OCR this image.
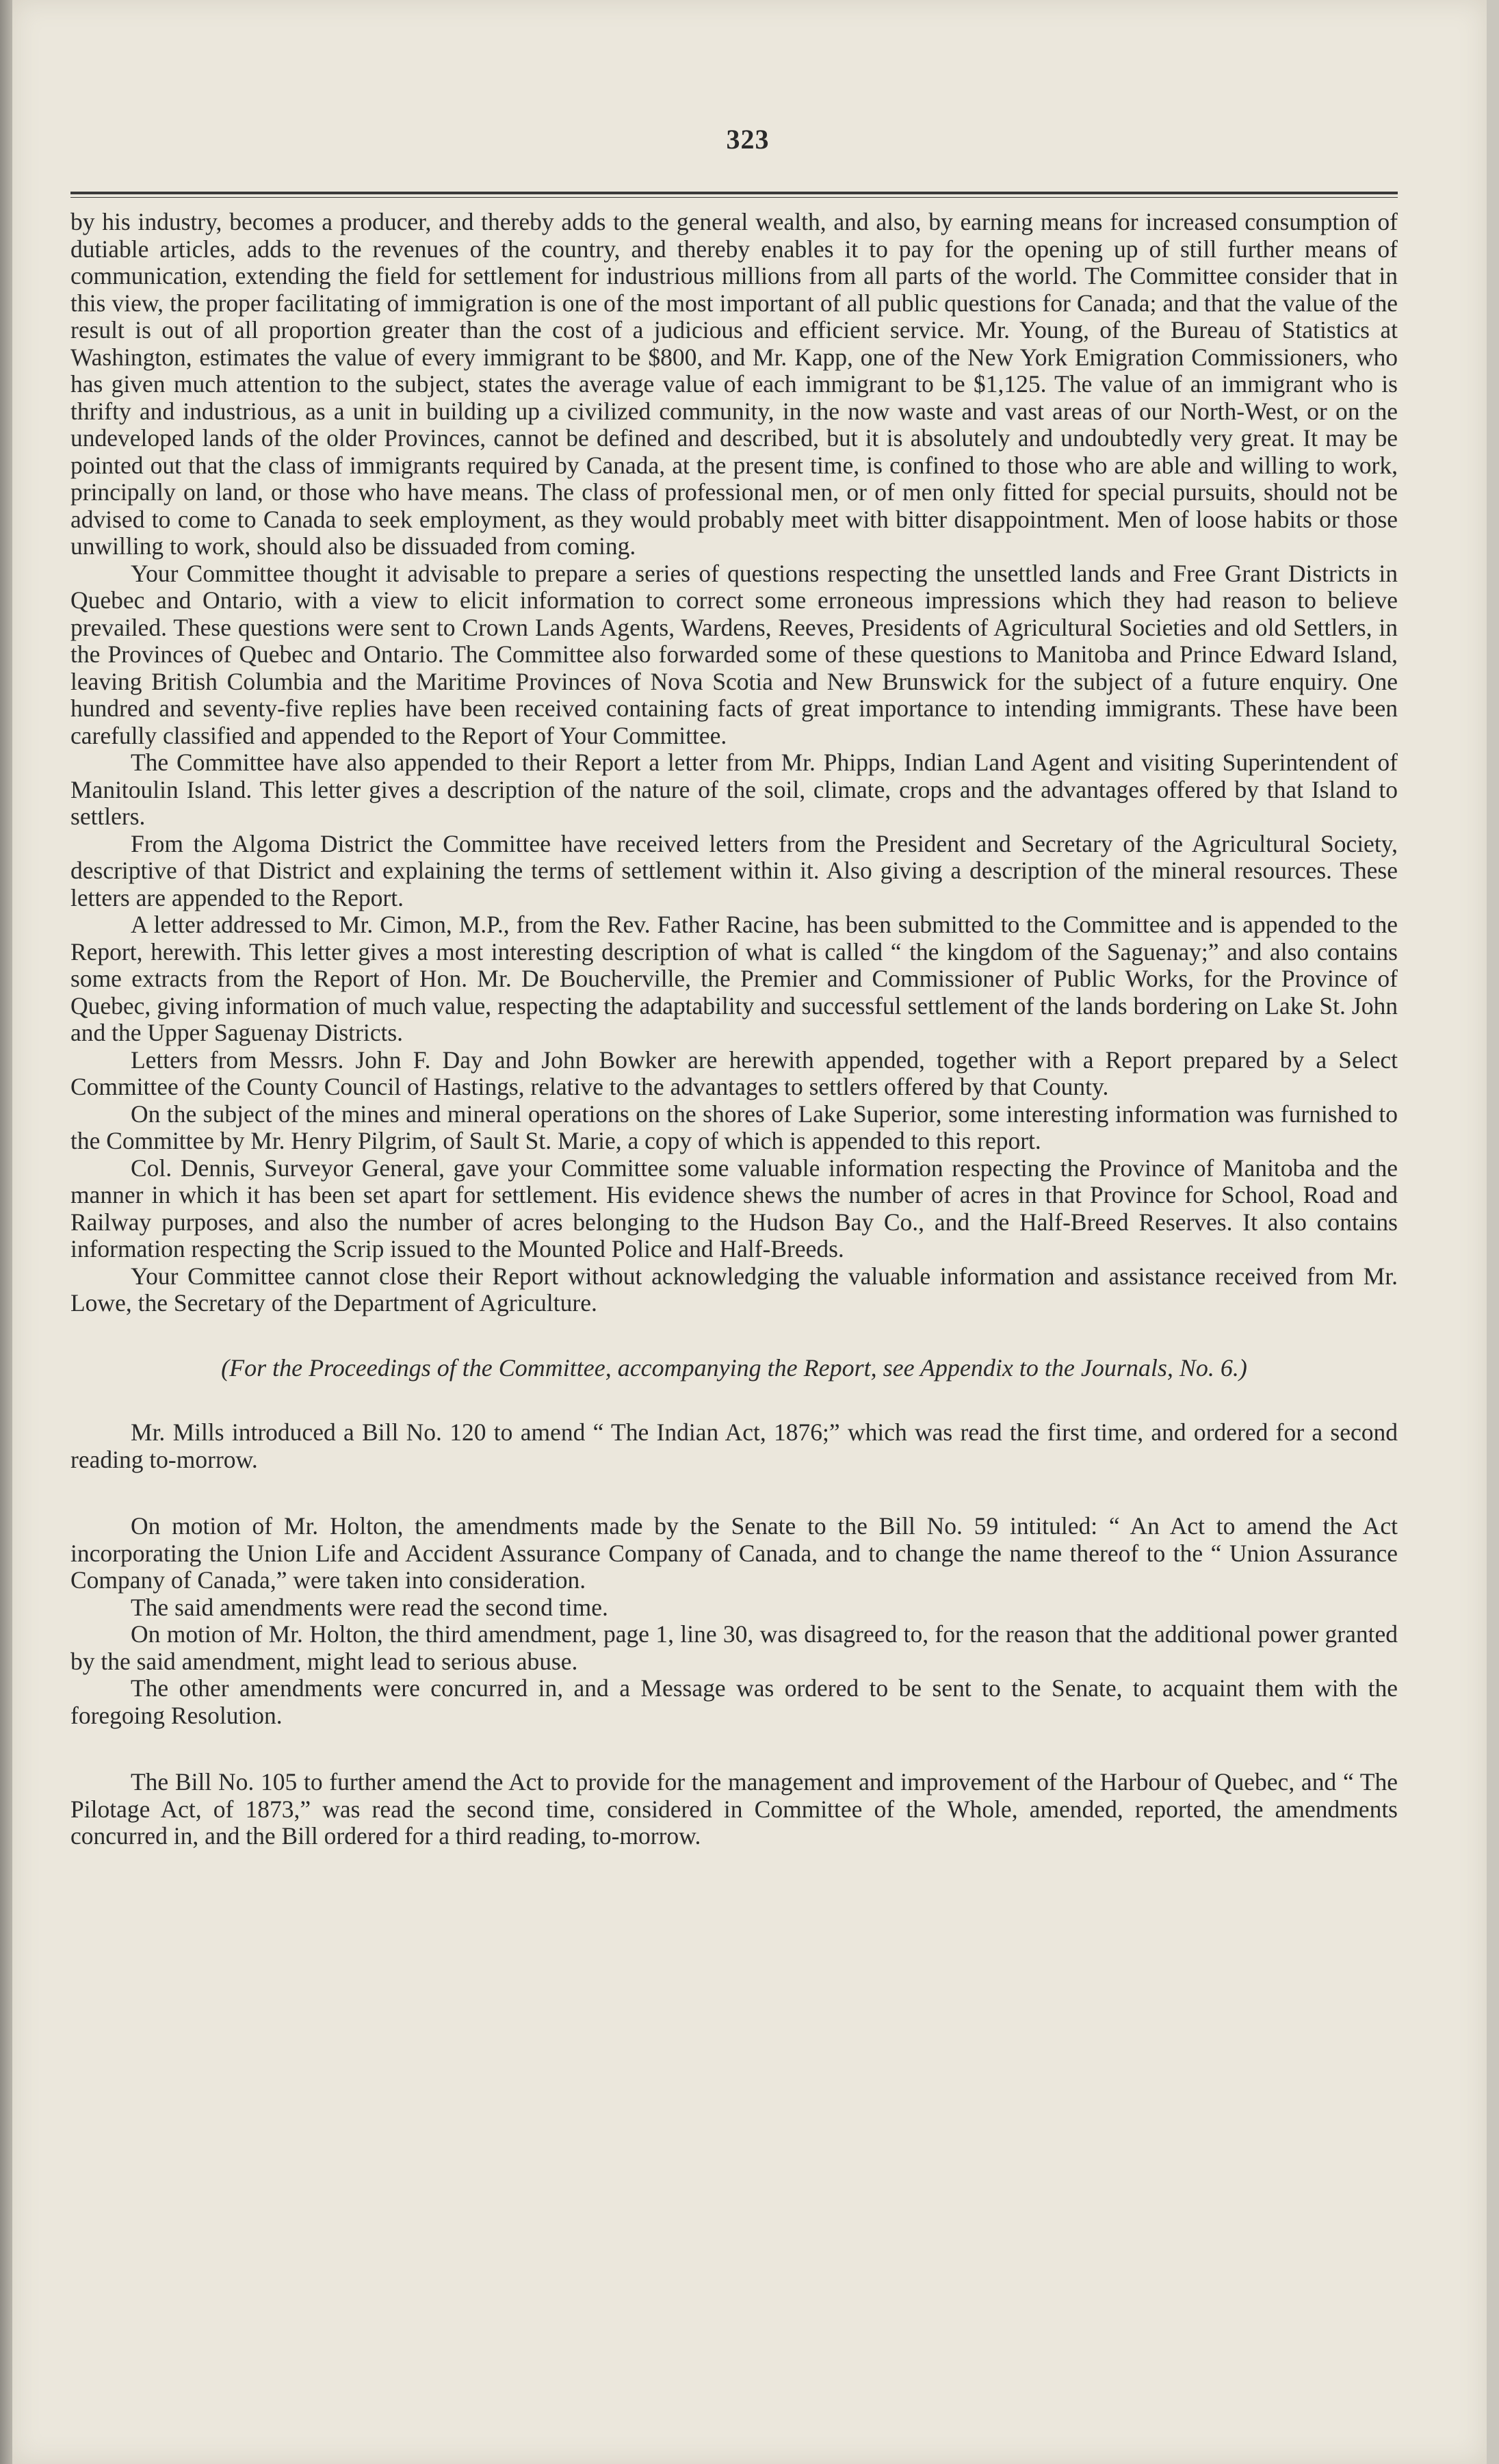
323

by his industry, becomes a producer, and thereby adds to the general wealth, and also, by earning means for increased consumption of dutiable articles, adds to the revenues of the country, and thereby enables it to pay for the opening up of still further means of communication, extending the field for settlement for industrious millions from all parts of the world. The Committee consider that in this view, the proper facilitating of immigration is one of the most important of all public questions for Canada; and that the value of the result is out of all proportion greater than the cost of a judicious and efficient service. Mr. Young, of the Bureau of Statistics at Washington, estimates the value of every immigrant to be $800, and Mr. Kapp, one of the New York Emigration Commissioners, who has given much attention to the subject, states the average value of each immigrant to be $1,125. The value of an immigrant who is thrifty and industrious, as a unit in building up a civilized community, in the now waste and vast areas of our North-West, or on the undeveloped lands of the older Provinces, cannot be defined and described, but it is absolutely and undoubtedly very great. It may be pointed out that the class of immigrants required by Canada, at the present time, is confined to those who are able and willing to work, principally on land, or those who have means. The class of professional men, or of men only fitted for special pursuits, should not be advised to come to Canada to seek employment, as they would probably meet with bitter disappointment. Men of loose habits or those unwilling to work, should also be dissuaded from coming.

Your Committee thought it advisable to prepare a series of questions respecting the unsettled lands and Free Grant Districts in Quebec and Ontario, with a view to elicit information to correct some erroneous impressions which they had reason to believe prevailed. These questions were sent to Crown Lands Agents, Wardens, Reeves, Presidents of Agricultural Societies and old Settlers, in the Provinces of Quebec and Ontario. The Committee also forwarded some of these questions to Manitoba and Prince Edward Island, leaving British Columbia and the Maritime Provinces of Nova Scotia and New Brunswick for the subject of a future enquiry. One hundred and seventy-five replies have been received containing facts of great importance to intending immigrants. These have been carefully classified and appended to the Report of Your Committee.

The Committee have also appended to their Report a letter from Mr. Phipps, Indian Land Agent and visiting Superintendent of Manitoulin Island. This letter gives a description of the nature of the soil, climate, crops and the advantages offered by that Island to settlers.

From the Algoma District the Committee have received letters from the President and Secretary of the Agricultural Society, descriptive of that District and explaining the terms of settlement within it. Also giving a description of the mineral resources. These letters are appended to the Report.

A letter addressed to Mr. Cimon, M.P., from the Rev. Father Racine, has been submitted to the Committee and is appended to the Report, herewith. This letter gives a most interesting description of what is called “ the kingdom of the Saguenay;” and also contains some extracts from the Report of Hon. Mr. De Boucherville, the Premier and Commissioner of Public Works, for the Province of Quebec, giving information of much value, respecting the adaptability and successful settlement of the lands bordering on Lake St. John and the Upper Saguenay Districts.

Letters from Messrs. John F. Day and John Bowker are herewith appended, together with a Report prepared by a Select Committee of the County Council of Hastings, relative to the advantages to settlers offered by that County.

On the subject of the mines and mineral operations on the shores of Lake Superior, some interesting information was furnished to the Committee by Mr. Henry Pilgrim, of Sault St. Marie, a copy of which is appended to this report.

Col. Dennis, Surveyor General, gave your Committee some valuable information respecting the Province of Manitoba and the manner in which it has been set apart for settlement. His evidence shews the number of acres in that Province for School, Road and Railway purposes, and also the number of acres belonging to the Hudson Bay Co., and the Half-Breed Reserves. It also contains information respecting the Scrip issued to the Mounted Police and Half-Breeds.

Your Committee cannot close their Report without acknowledging the valuable information and assistance received from Mr. Lowe, the Secretary of the Department of Agriculture.

(For the Proceedings of the Committee, accompanying the Report, see Appendix to the Journals, No. 6.)

Mr. Mills introduced a Bill No. 120 to amend “ The Indian Act, 1876;” which was read the first time, and ordered for a second reading to-morrow.

On motion of Mr. Holton, the amendments made by the Senate to the Bill No. 59 intituled: “ An Act to amend the Act incorporating the Union Life and Accident Assurance Company of Canada, and to change the name thereof to the “ Union Assurance Company of Canada,” were taken into consideration.

The said amendments were read the second time.

On motion of Mr. Holton, the third amendment, page 1, line 30, was disagreed to, for the reason that the additional power granted by the said amendment, might lead to serious abuse.

The other amendments were concurred in, and a Message was ordered to be sent to the Senate, to acquaint them with the foregoing Resolution.

The Bill No. 105 to further amend the Act to provide for the management and improvement of the Harbour of Quebec, and “ The Pilotage Act, of 1873,” was read the second time, considered in Committee of the Whole, amended, reported, the amendments concurred in, and the Bill ordered for a third reading, to-morrow.
